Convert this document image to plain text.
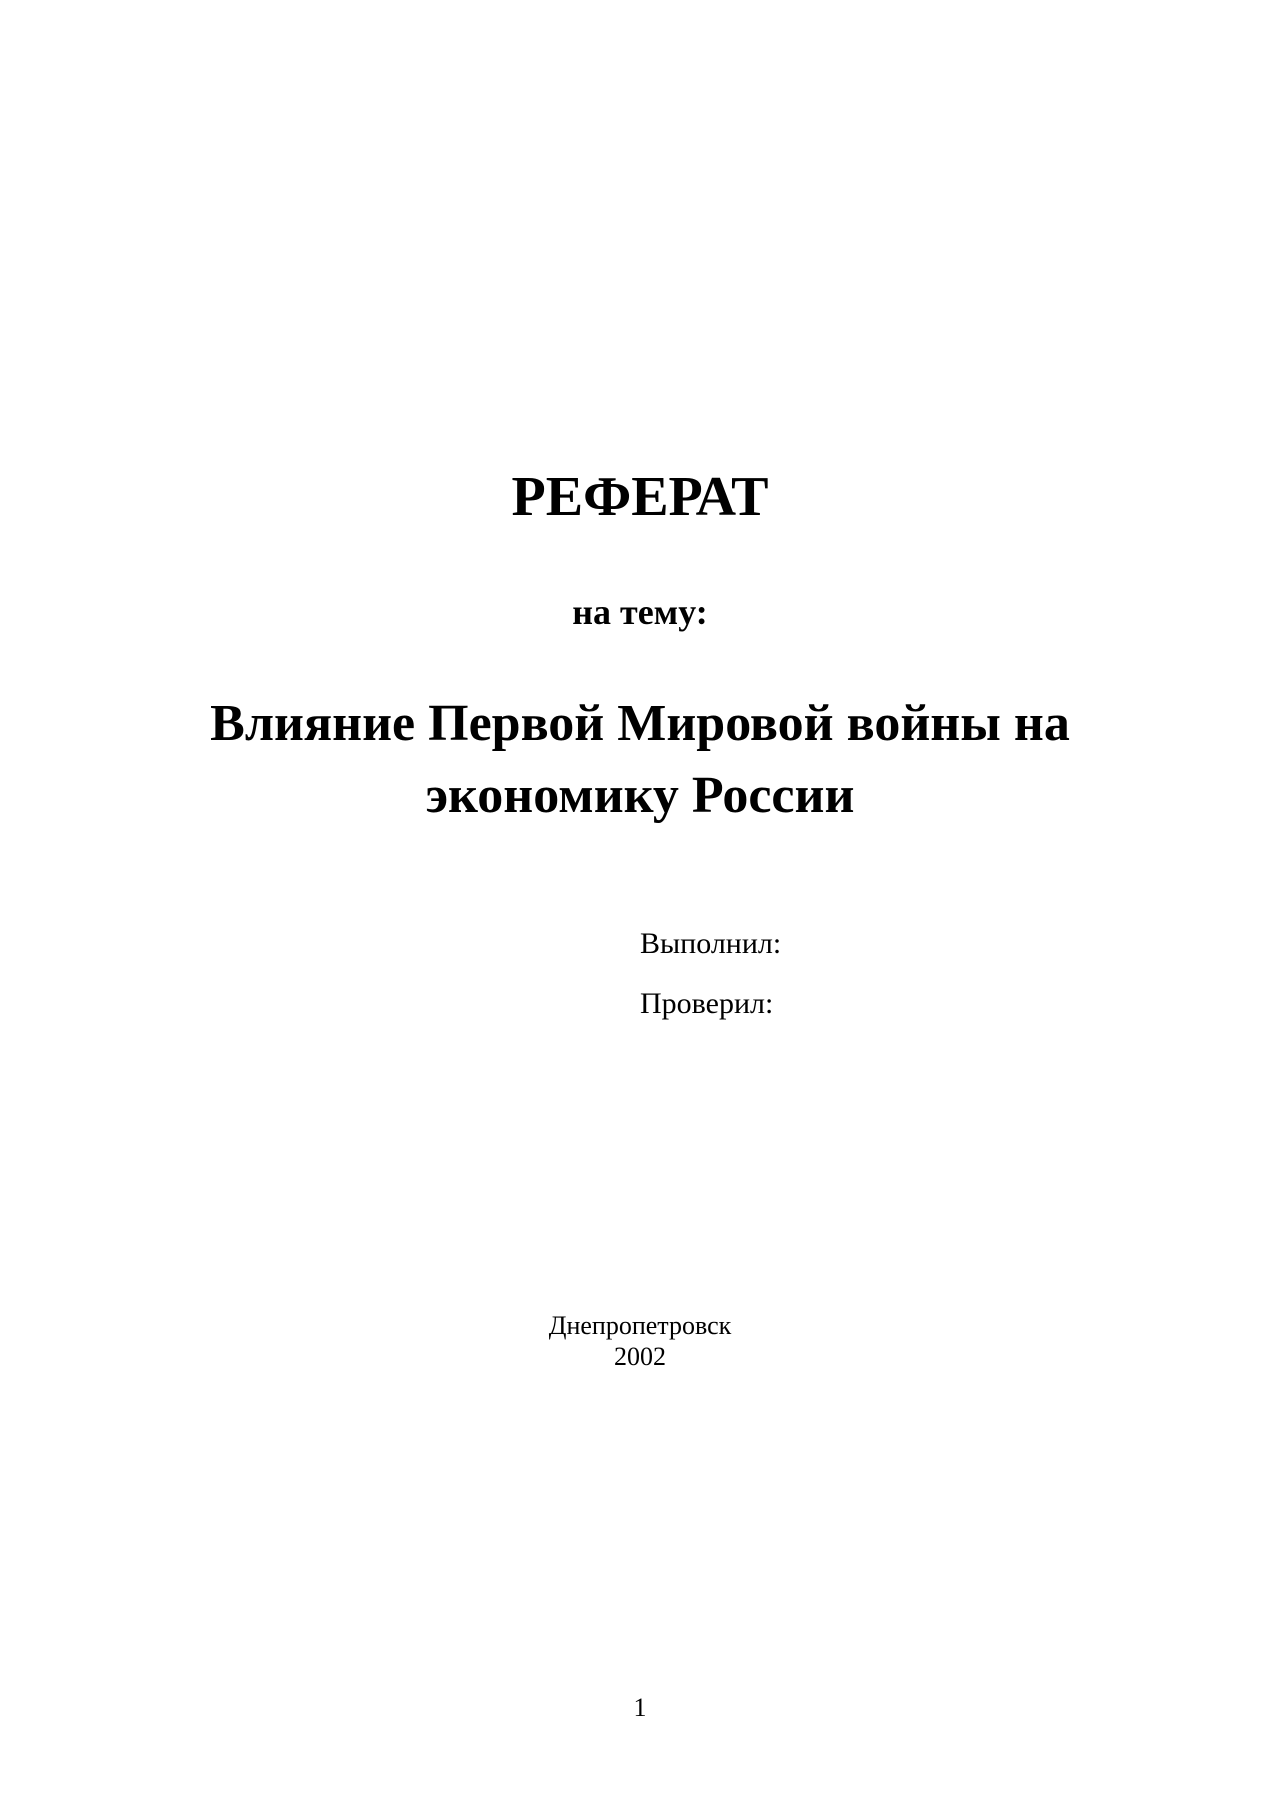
РЕФЕРАТ
на тему:
Влияние Первой Мировой войны на
экономику России
Выполнил:
Проверил:
Днепропетровск
2002
1
